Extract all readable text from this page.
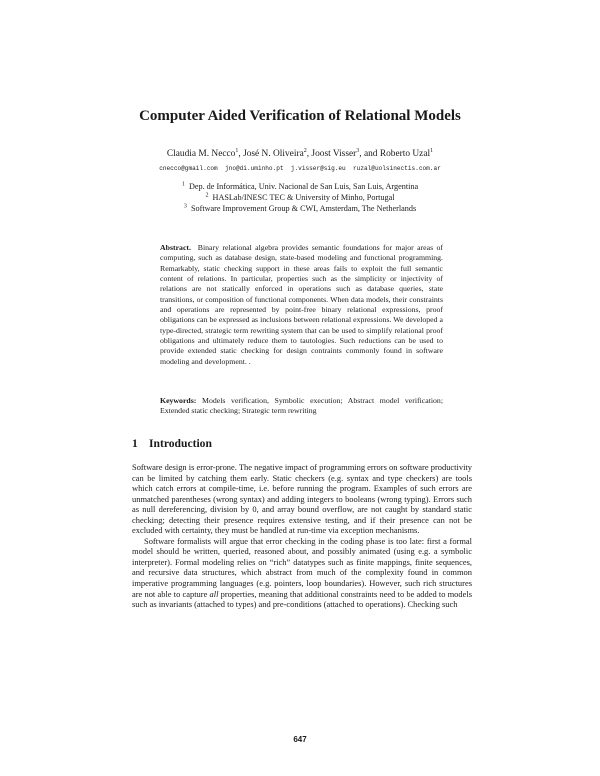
Computer Aided Verification of Relational Models
Claudia M. Necco$^1$, José N. Oliveira$^2$, Joost Visser$^3$, and Roberto Uzal$^1$
cnecco@gmail.com  jno@di.uminho.pt  j.visser@sig.eu  ruzal@uolsinectis.com.ar
$^1$ Dep. de Informática, Univ. Nacional de San Luis, San Luis, Argentina
$^2$ HASLab/INESC TEC & University of Minho, Portugal
$^3$ Software Improvement Group & CWI, Amsterdam, The Netherlands
Abstract. Binary relational algebra provides semantic foundations for major areas of computing, such as database design, state-based modeling and functional programming. Remarkably, static checking support in these areas fails to exploit the full semantic content of relations. In particular, properties such as the simplicity or injectivity of relations are not statically enforced in operations such as database queries, state transitions, or composition of functional components. When data models, their constraints and operations are represented by point-free binary relational expressions, proof obligations can be expressed as inclusions between relational expressions. We developed a type-directed, strategic term rewriting system that can be used to simplify relational proof obligations and ultimately reduce them to tautologies. Such reductions can be used to provide extended static checking for design contraints commonly found in software modeling and development. .
Keywords: Models verification, Symbolic execution; Abstract model verification; Extended static checking; Strategic term rewriting
1 Introduction

Software design is error-prone. The negative impact of programming errors on software productivity can be limited by catching them early. Static checkers (e.g. syntax and type checkers) are tools which catch errors at compile-time, i.e. before running the program. Examples of such errors are unmatched parentheses (wrong syntax) and adding integers to booleans (wrong typing). Errors such as null dereferencing, division by 0, and array bound overflow, are not caught by standard static checking; detecting their presence requires extensive testing, and if their presence can not be excluded with certainty, they must be handled at run-time via exception mechanisms.

Software formalists will argue that error checking in the coding phase is too late: first a formal model should be written, queried, reasoned about, and possibly animated (using e.g. a symbolic interpreter). Formal modeling relies on “rich” datatypes such as finite mappings, finite sequences, and recursive data structures, which abstract from much of the complexity found in common imperative programming languages (e.g. pointers, loop boundaries). However, such rich structures are not able to capture all properties, meaning that additional constraints need to be added to models such as invariants (attached to types) and pre-conditions (attached to operations). Checking such

647
